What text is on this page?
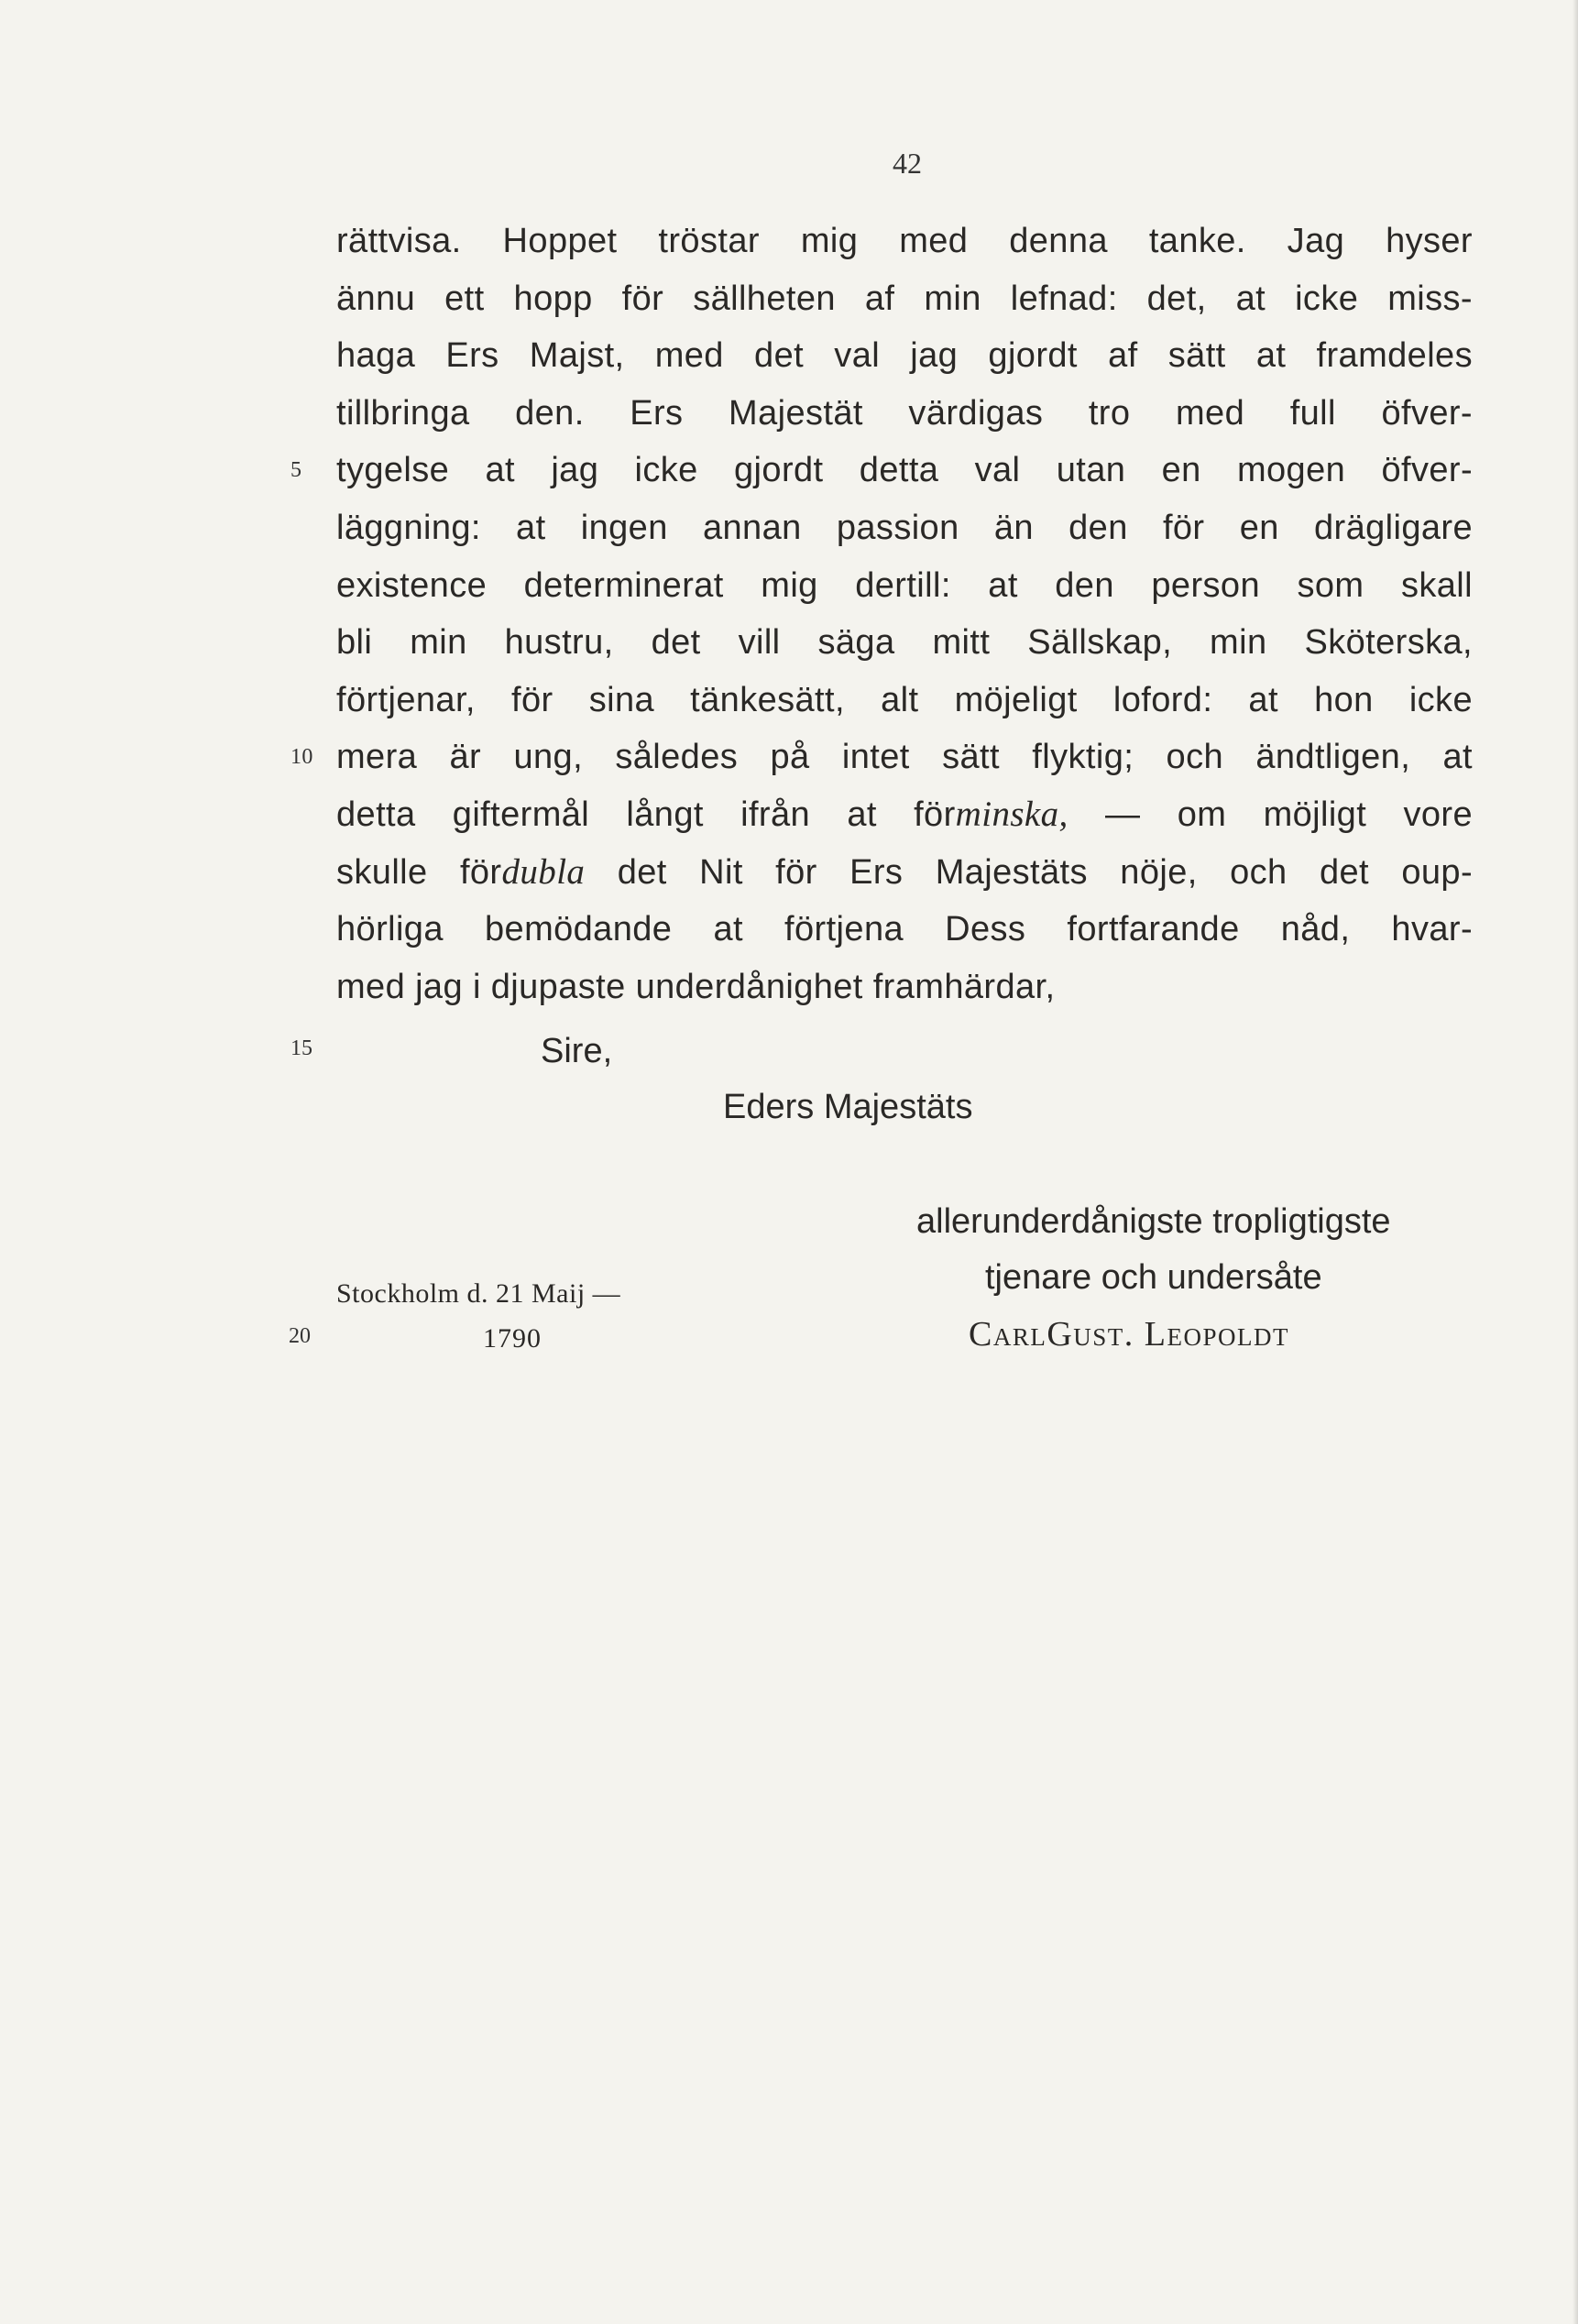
42
rättvisa. Hoppet tröstar mig med denna tanke. Jag hyser
ännu ett hopp för sällheten af min lefnad: det, at icke miss-
haga Ers Majst, med det val jag gjordt af sätt at framdeles
tillbringa den. Ers Majestät värdigas tro med full öfver-
5 tygelse at jag icke gjordt detta val utan en mogen öfver-
läggning: at ingen annan passion än den för en drägligare
existence determinerat mig dertill: at den person som skall
bli min hustru, det vill säga mitt Sällskap, min Sköterska,
förtjenar, för sina tänkesätt, alt möjeligt loford: at hon icke
10 mera är ung, således på intet sätt flyktig; och ändtligen, at
detta giftermål långt ifrån at förminska, — om möjligt vore
skulle fördubla det Nit för Ers Majestäts nöje, och det oup-
hörliga bemödande at förtjena Dess fortfarande nåd, hvar-
med jag i djupaste underdånighet framhärdar,
15	Sire,
Eders Majestäts
allerunderdånigste tropligtigste
tjenare och undersåte
CarlGust. Leopoldt
Stockholm d. 21 Maij —
20	1790
